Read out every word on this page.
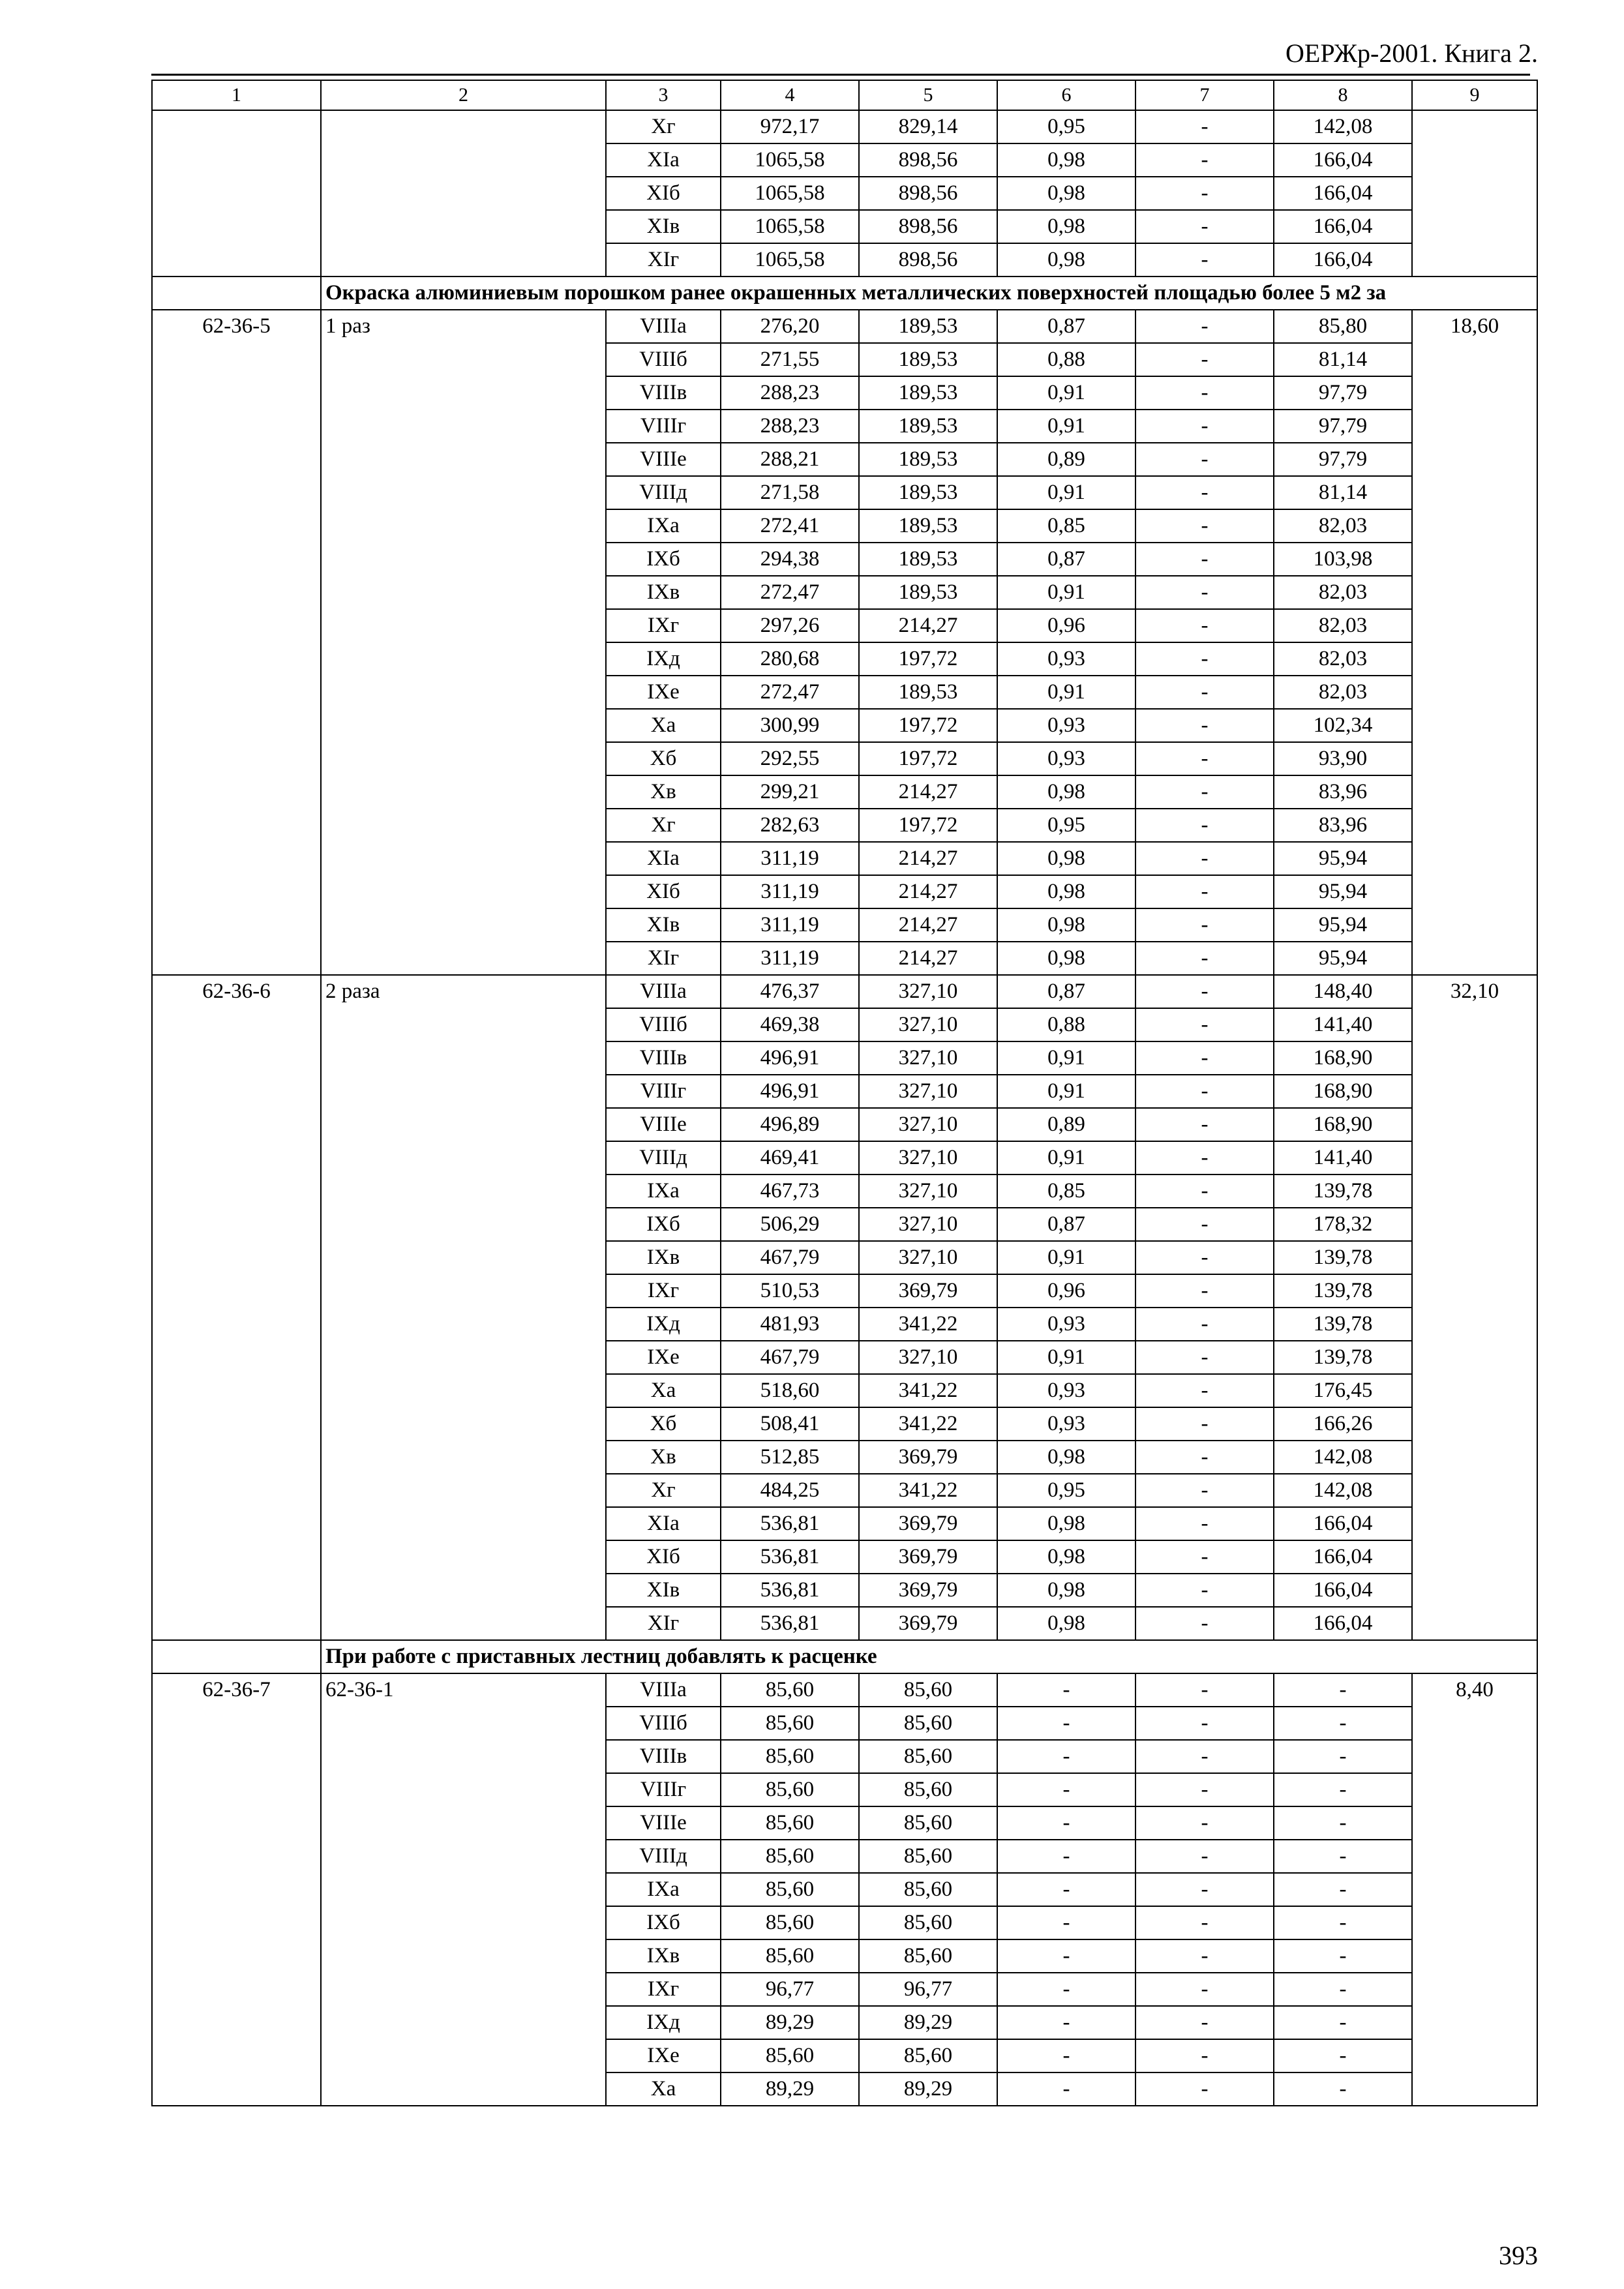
ОЕРЖр-2001. Книга 2.
1	2	3	4	5	6	7	8	9
		Xг	972,17	829,14	0,95	-	142,08	
		XIа	1065,58	898,56	0,98	-	166,04	
		XIб	1065,58	898,56	0,98	-	166,04	
		XIв	1065,58	898,56	0,98	-	166,04	
		XIг	1065,58	898,56	0,98	-	166,04	
	Окраска алюминиевым порошком ранее окрашенных металлических поверхностей площадью более 5 м2 за							
62-36-5	1 раз	VIIIа	276,20	189,53	0,87	-	85,80	18,60
		VIIIб	271,55	189,53	0,88	-	81,14	
		VIIIв	288,23	189,53	0,91	-	97,79	
		VIIIг	288,23	189,53	0,91	-	97,79	
		VIIIе	288,21	189,53	0,89	-	97,79	
		VIIIд	271,58	189,53	0,91	-	81,14	
		IXа	272,41	189,53	0,85	-	82,03	
		IXб	294,38	189,53	0,87	-	103,98	
		IXв	272,47	189,53	0,91	-	82,03	
		IXг	297,26	214,27	0,96	-	82,03	
		IXд	280,68	197,72	0,93	-	82,03	
		IXе	272,47	189,53	0,91	-	82,03	
		Xа	300,99	197,72	0,93	-	102,34	
		Xб	292,55	197,72	0,93	-	93,90	
		Xв	299,21	214,27	0,98	-	83,96	
		Xг	282,63	197,72	0,95	-	83,96	
		XIа	311,19	214,27	0,98	-	95,94	
		XIб	311,19	214,27	0,98	-	95,94	
		XIв	311,19	214,27	0,98	-	95,94	
		XIг	311,19	214,27	0,98	-	95,94	
62-36-6	2 раза	VIIIа	476,37	327,10	0,87	-	148,40	32,10
		VIIIб	469,38	327,10	0,88	-	141,40	
		VIIIв	496,91	327,10	0,91	-	168,90	
		VIIIг	496,91	327,10	0,91	-	168,90	
		VIIIе	496,89	327,10	0,89	-	168,90	
		VIIIд	469,41	327,10	0,91	-	141,40	
		IXа	467,73	327,10	0,85	-	139,78	
		IXб	506,29	327,10	0,87	-	178,32	
		IXв	467,79	327,10	0,91	-	139,78	
		IXг	510,53	369,79	0,96	-	139,78	
		IXд	481,93	341,22	0,93	-	139,78	
		IXе	467,79	327,10	0,91	-	139,78	
		Xа	518,60	341,22	0,93	-	176,45	
		Xб	508,41	341,22	0,93	-	166,26	
		Xв	512,85	369,79	0,98	-	142,08	
		Xг	484,25	341,22	0,95	-	142,08	
		XIа	536,81	369,79	0,98	-	166,04	
		XIб	536,81	369,79	0,98	-	166,04	
		XIв	536,81	369,79	0,98	-	166,04	
		XIг	536,81	369,79	0,98	-	166,04	
	При работе с приставных лестниц добавлять к расценке							
62-36-7	62-36-1	VIIIа	85,60	85,60	-	-	-	8,40
		VIIIб	85,60	85,60	-	-	-	
		VIIIв	85,60	85,60	-	-	-	
		VIIIг	85,60	85,60	-	-	-	
		VIIIе	85,60	85,60	-	-	-	
		VIIIд	85,60	85,60	-	-	-	
		IXа	85,60	85,60	-	-	-	
		IXб	85,60	85,60	-	-	-	
		IXв	85,60	85,60	-	-	-	
		IXг	96,77	96,77	-	-	-	
		IXд	89,29	89,29	-	-	-	
		IXе	85,60	85,60	-	-	-	
		Xа	89,29	89,29	-	-	-	
393
